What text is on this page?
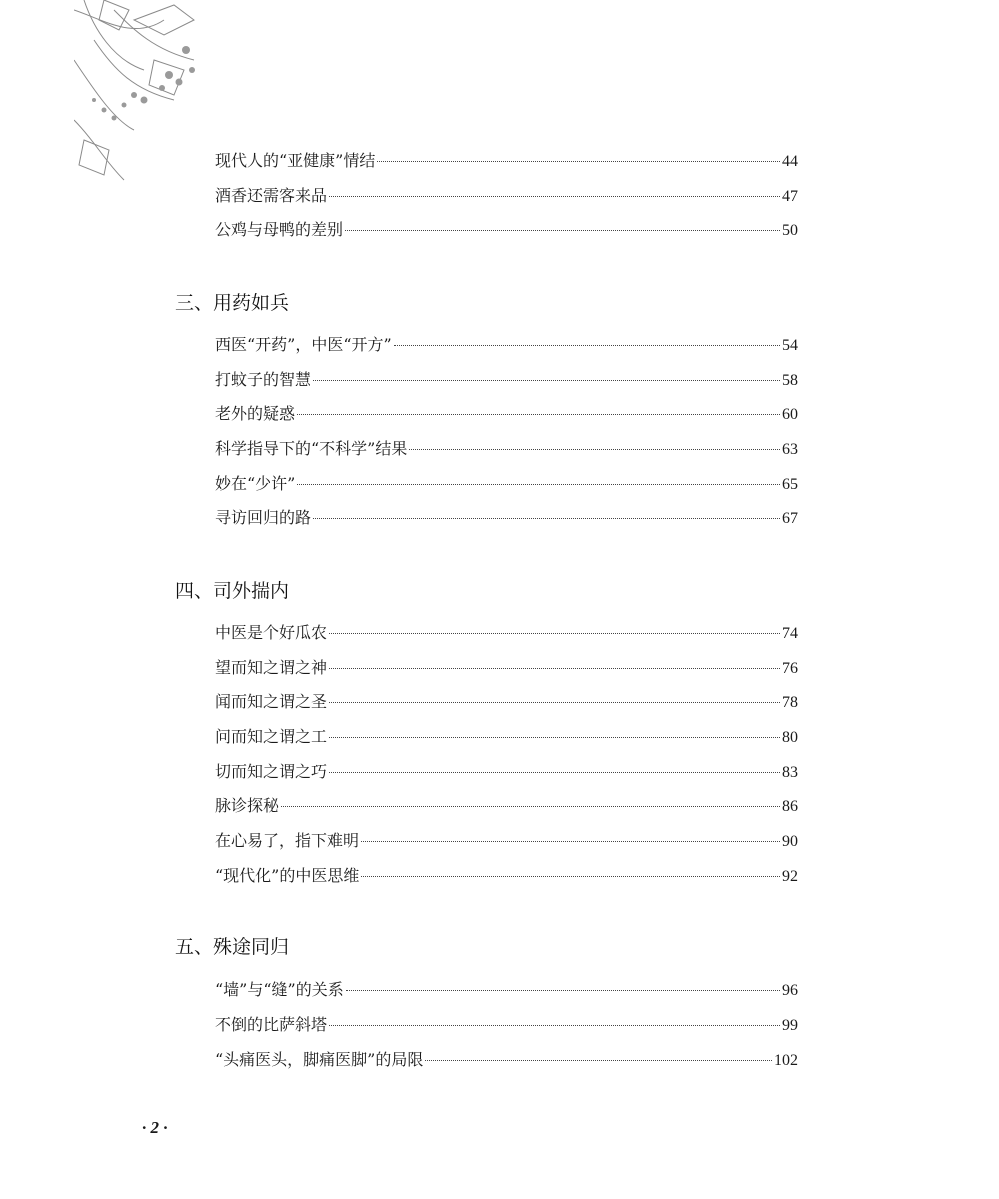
现代人的“亚健康”情结	44
酒香还需客来品	47
公鸡与母鸭的差别	50
三、用药如兵
西医“开药”，中医“开方”	54
打蚊子的智慧	58
老外的疑惑	60
科学指导下的“不科学”结果	63
妙在“少许”	65
寻访回归的路	67
四、司外揣内
中医是个好瓜农	74
望而知之谓之神	76
闻而知之谓之圣	78
问而知之谓之工	80
切而知之谓之巧	83
脉诊探秘	86
在心易了，指下难明	90
“现代化”的中医思维	92
五、殊途同归
“墙”与“缝”的关系	96
不倒的比萨斜塔	99
“头痛医头，脚痛医脚”的局限	102
· 2 ·
